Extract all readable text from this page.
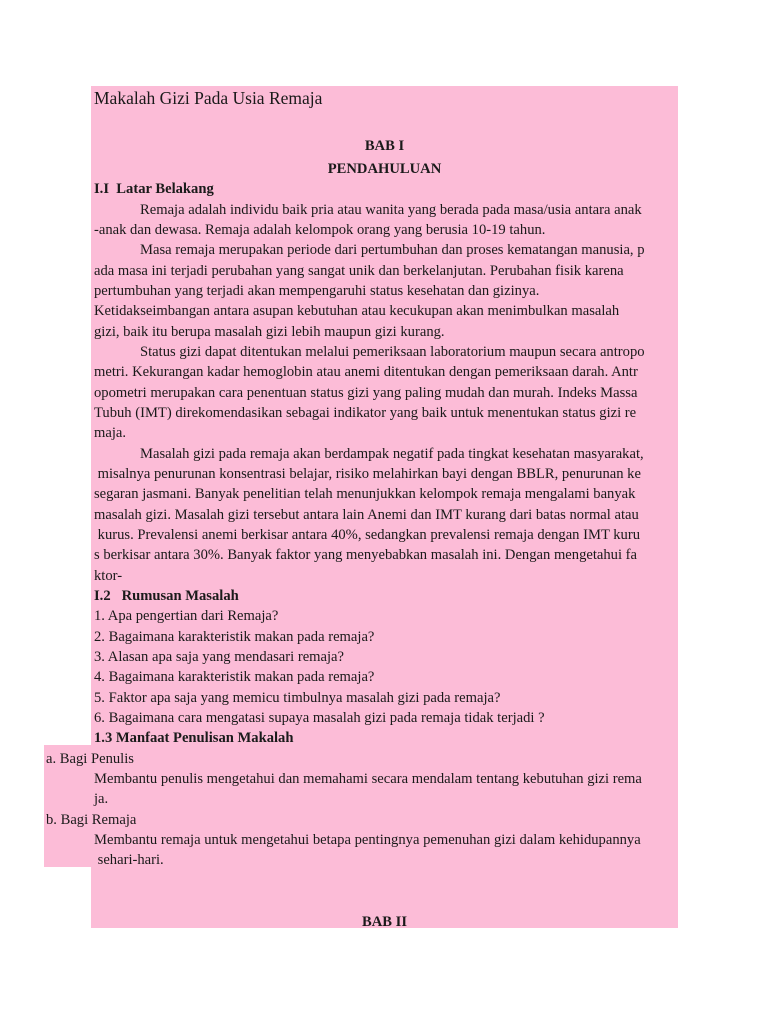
Makalah Gizi Pada Usia Remaja
BAB I
PENDAHULUAN
I.I  Latar Belakang
Remaja adalah individu baik pria atau wanita yang berada pada masa/usia antara anak
-anak dan dewasa. Remaja adalah kelompok orang yang berusia 10-19 tahun.
Masa remaja merupakan periode dari pertumbuhan dan proses kematangan manusia, p
ada masa ini terjadi perubahan yang sangat unik dan berkelanjutan. Perubahan fisik karena
pertumbuhan yang terjadi akan mempengaruhi status kesehatan dan gizinya.
Ketidakseimbangan antara asupan kebutuhan atau kecukupan akan menimbulkan masalah
gizi, baik itu berupa masalah gizi lebih maupun gizi kurang.
Status gizi dapat ditentukan melalui pemeriksaan laboratorium maupun secara antropo
metri. Kekurangan kadar hemoglobin atau anemi ditentukan dengan pemeriksaan darah. Antr
opometri merupakan cara penentuan status gizi yang paling mudah dan murah. Indeks Massa
Tubuh (IMT) direkomendasikan sebagai indikator yang baik untuk menentukan status gizi re
maja.
Masalah gizi pada remaja akan berdampak negatif pada tingkat kesehatan masyarakat,
misalnya penurunan konsentrasi belajar, risiko melahirkan bayi dengan BBLR, penurunan ke
segaran jasmani. Banyak penelitian telah menunjukkan kelompok remaja mengalami banyak
masalah gizi. Masalah gizi tersebut antara lain Anemi dan IMT kurang dari batas normal atau
kurus. Prevalensi anemi berkisar antara 40%, sedangkan prevalensi remaja dengan IMT kuru
s berkisar antara 30%. Banyak faktor yang menyebabkan masalah ini. Dengan mengetahui fa
ktor-
I.2   Rumusan Masalah
1. Apa pengertian dari Remaja?
2. Bagaimana karakteristik makan pada remaja?
3. Alasan apa saja yang mendasari remaja?
4. Bagaimana karakteristik makan pada remaja?
5. Faktor apa saja yang memicu timbulnya masalah gizi pada remaja?
6. Bagaimana cara mengatasi supaya masalah gizi pada remaja tidak terjadi ?
1.3 Manfaat Penulisan Makalah
a. Bagi Penulis
Membantu penulis mengetahui dan memahami secara mendalam tentang kebutuhan gizi rema
ja.
b. Bagi Remaja
Membantu remaja untuk mengetahui betapa pentingnya pemenuhan gizi dalam kehidupannya
sehari-hari.
BAB II
